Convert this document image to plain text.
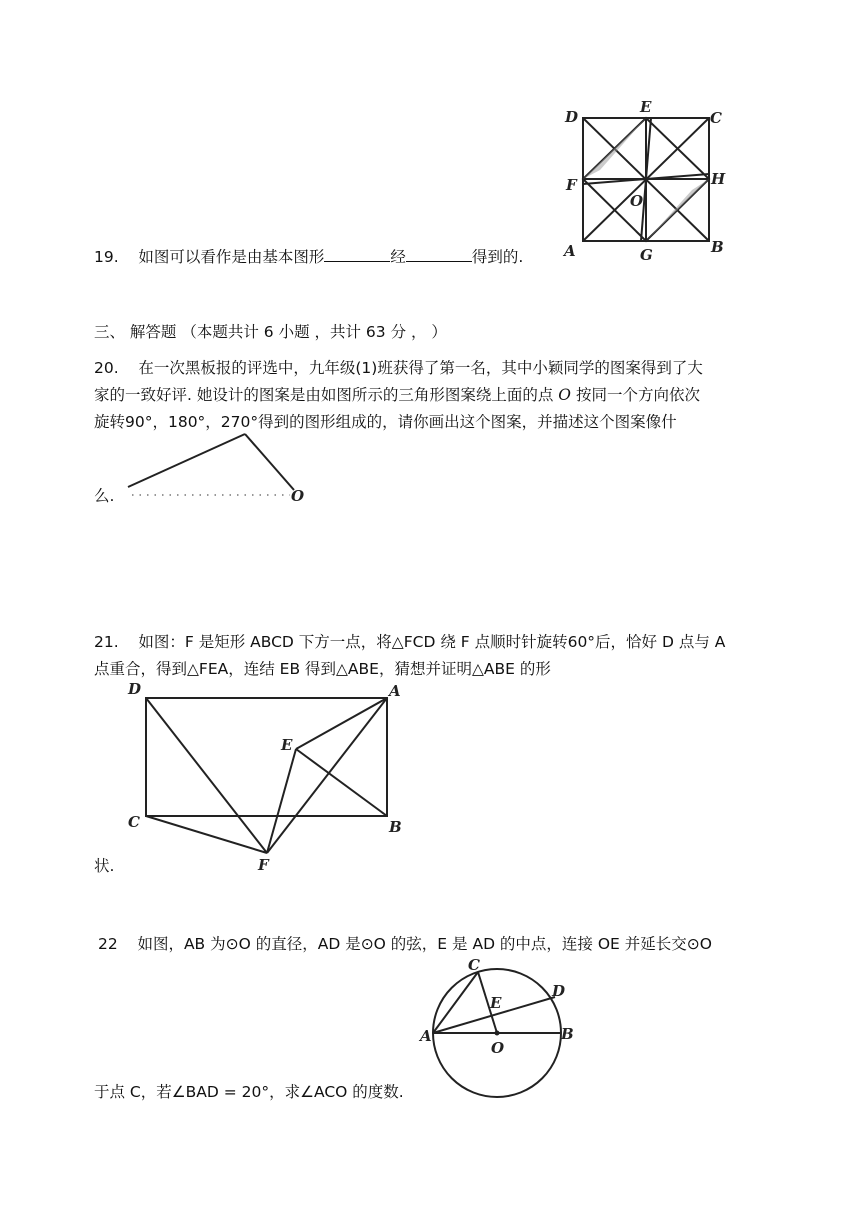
19. 如图可以看作是由基本图形	经	得到的.
D
E
C
F	H
O
A	G	B
三、 解答题 （本题共计 6 小题 ，共计 63 分 ， ）
20. 在一次黑板报的评选中，九年级(1)班获得了第一名，其中小颖同学的图案得到了大
家的一致好评. 她设计的图案是由如图所示的三角形图案绕上面的点 O 按同一个方向依次
旋转90°，180°，270°得到的图形组成的，请你画出这个图案，并描述这个图案像什
么.	O
21. 如图：F 是矩形 ABCD 下方一点，将△FCD 绕 F 点顺时针旋转60°后，恰好 D 点与 A
点重合，得到△FEA，连结 EB 得到△ABE，猜想并证明△ABE 的形
状.
D	A
E
C	B
F
22 如图，AB 为⊙O 的直径，AD 是⊙O 的弦，E 是 AD 的中点，连接 OE 并延长交⊙O
于点 C，若∠BAD = 20°，求∠ACO 的度数.
C
D
E
A	B
O
